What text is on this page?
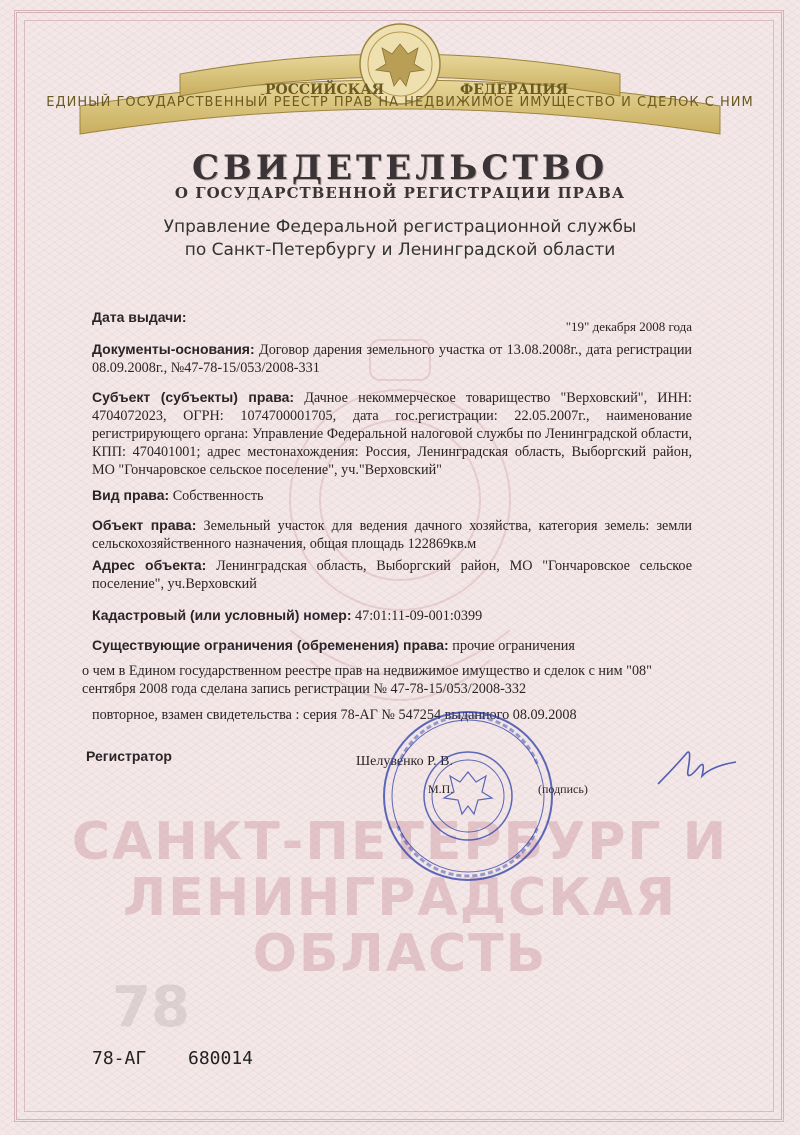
РОССИЙСКАЯ	ФЕДЕРАЦИЯ
ЕДИНЫЙ ГОСУДАРСТВЕННЫЙ РЕЕСТР ПРАВ НА НЕДВИЖИМОЕ ИМУЩЕСТВО И СДЕЛОК С НИМ
СВИДЕТЕЛЬСТВО
О ГОСУДАРСТВЕННОЙ РЕГИСТРАЦИИ ПРАВА
Управление Федеральной регистрационной службы
по Санкт-Петербургу и Ленинградской области
САНКТ-ПЕТЕРБУРГ И
ЛЕНИНГРАДСКАЯ
ОБЛАСТЬ
78
Дата выдачи:
"19" декабря 2008 года
Документы-основания: Договор дарения земельного участка от 13.08.2008г., дата регистрации 08.09.2008г., №47-78-15/053/2008-331
Субъект (субъекты) права: Дачное некоммерческое товарищество "Верховский", ИНН: 4704072023, ОГРН: 1074700001705, дата гос.регистрации: 22.05.2007г., наименование регистрирующего органа: Управление Федеральной налоговой службы по Ленинградской области, КПП: 470401001; адрес местонахождения: Россия, Ленинградская область, Выборгский район, МО "Гончаровское сельское поселение", уч."Верховский"
Вид права: Собственность
Объект права: Земельный участок для ведения дачного хозяйства, категория земель: земли сельскохозяйственного назначения, общая площадь 122869кв.м
Адрес объекта: Ленинградская область, Выборгский район, МО "Гончаровское сельское поселение", уч.Верховский
Кадастровый (или условный) номер: 47:01:11-09-001:0399
Существующие ограничения (обременения) права: прочие ограничения
о чем в Едином государственном реестре прав на недвижимое имущество и сделок с ним "08" сентября 2008 года сделана запись регистрации № 47-78-15/053/2008-332
повторное, взамен свидетельства : серия 78-АГ № 547254 выданного 08.09.2008
Регистратор	Шелувенко Р. В.
М.П.	(подпись)
78-АГ 680014
